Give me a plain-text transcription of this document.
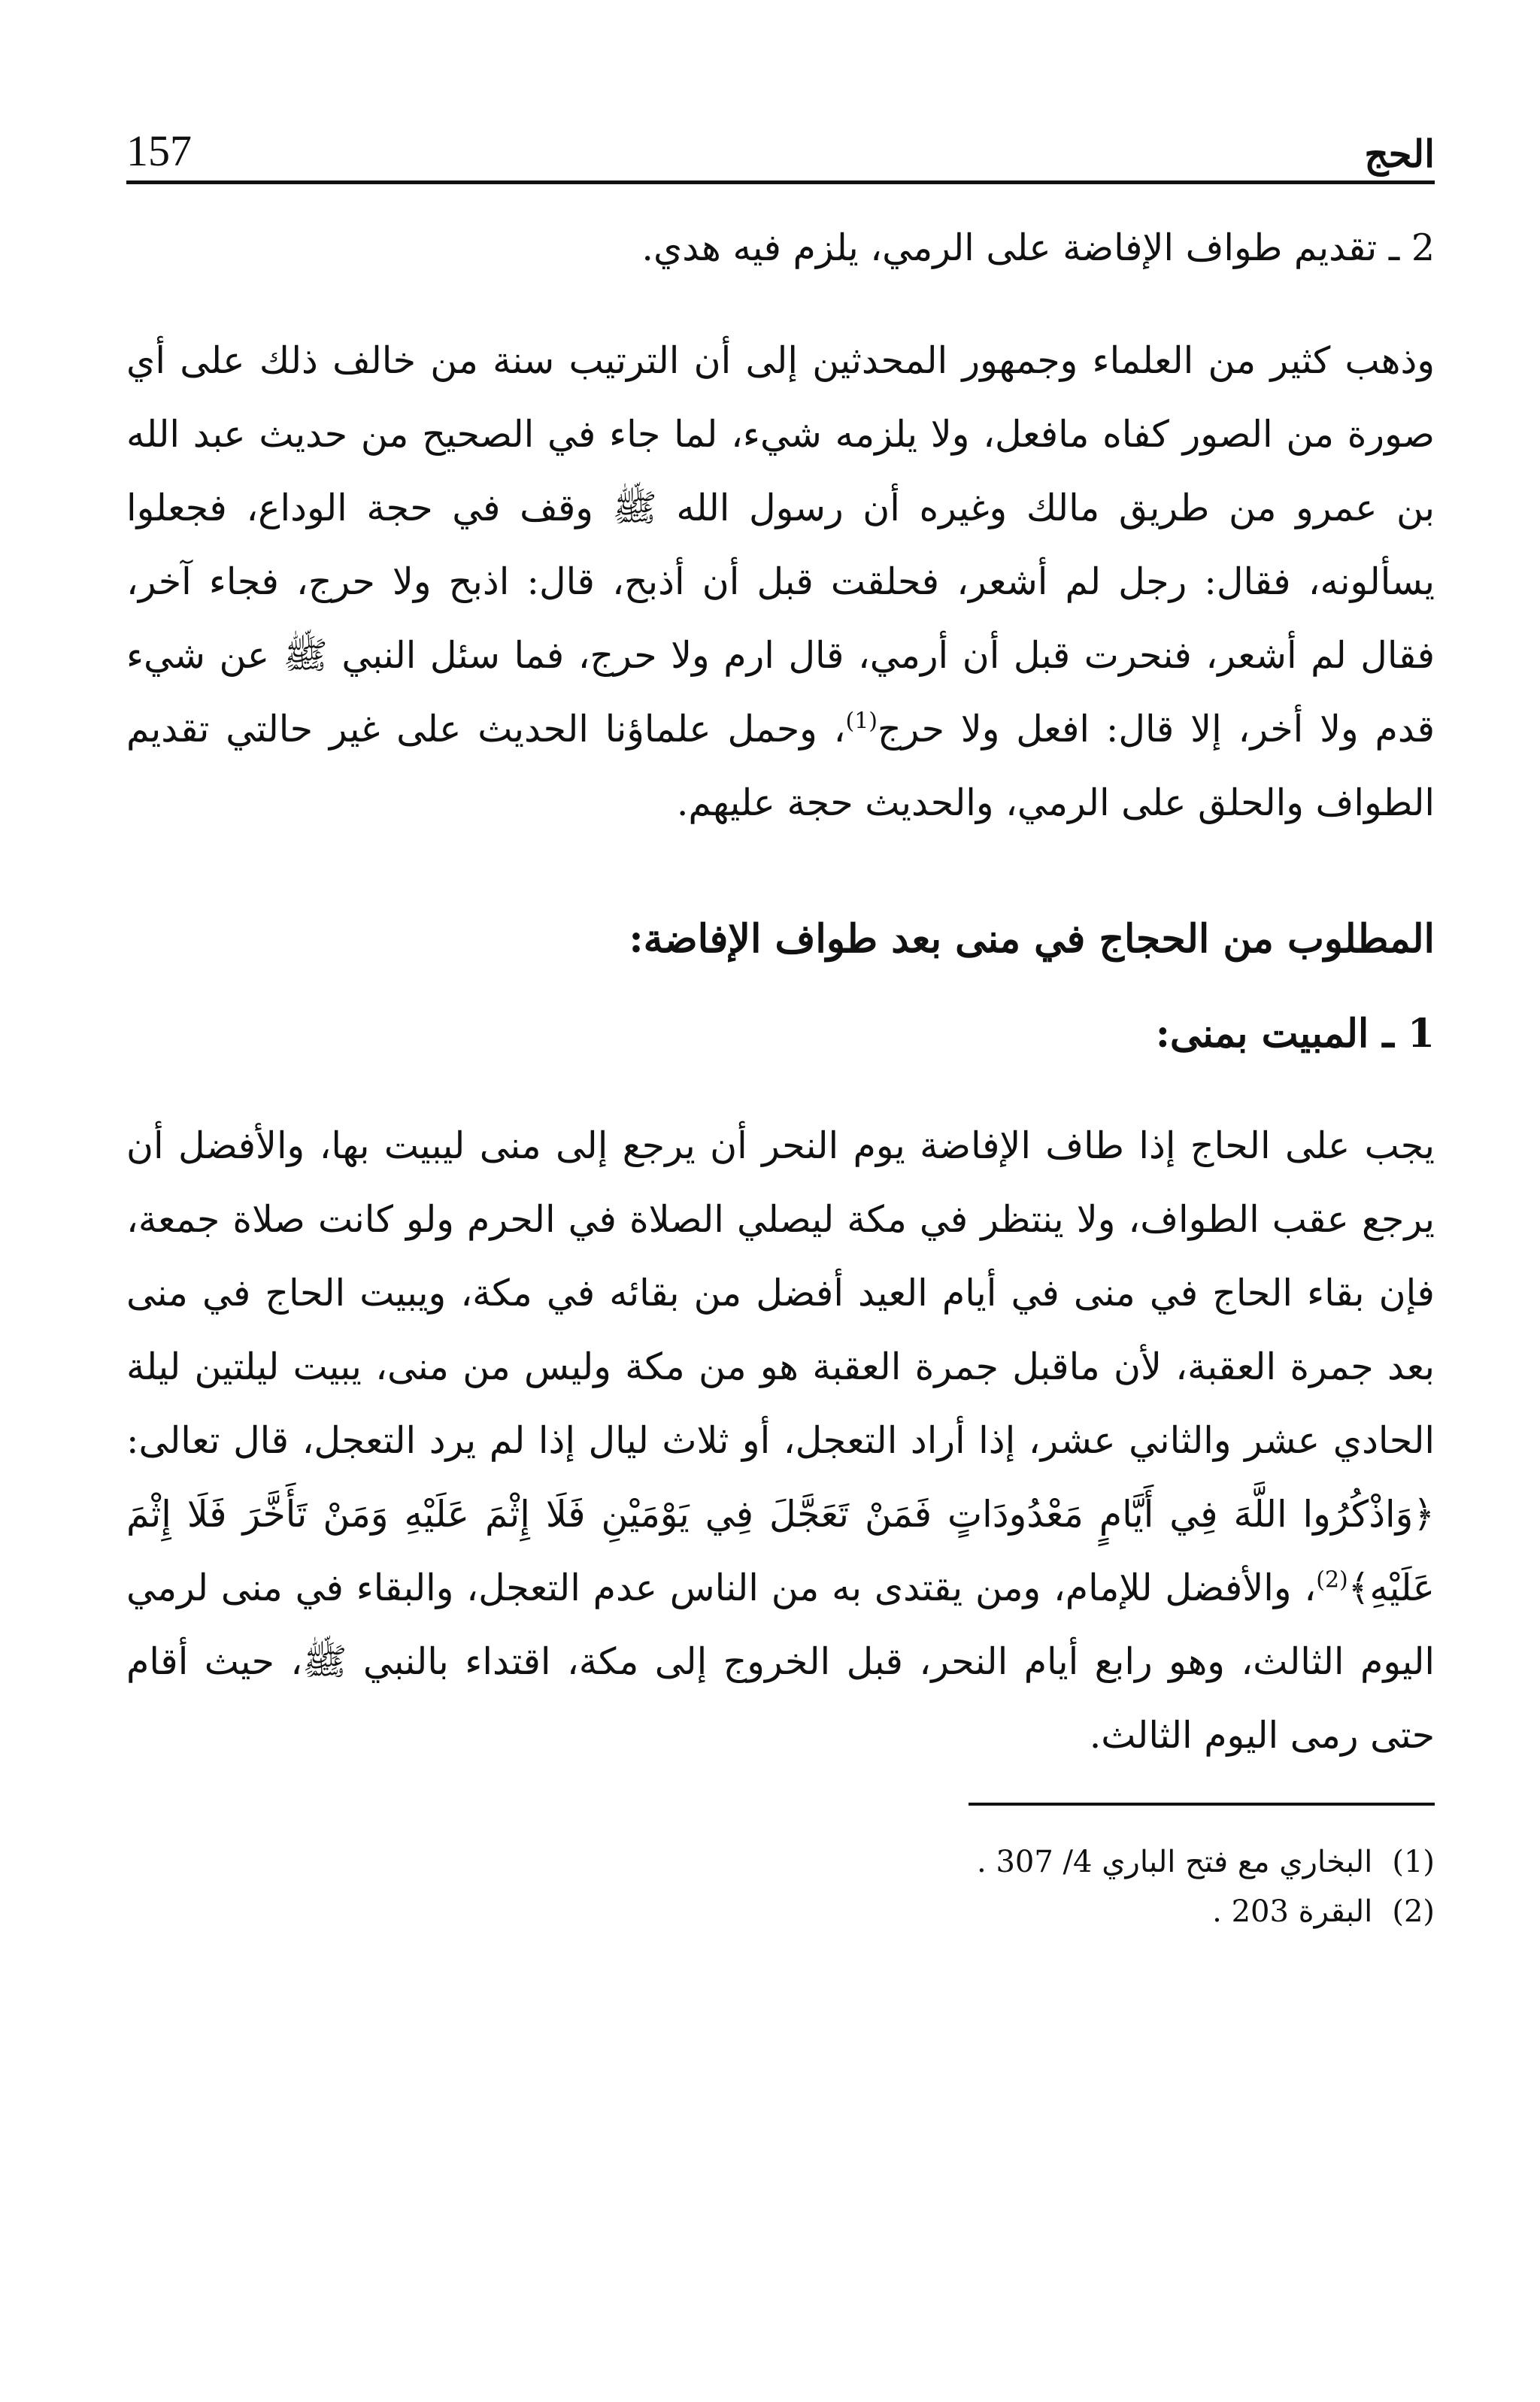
الحج
157

2 ـ تقديم طواف الإفاضة على الرمي، يلزم فيه هدي.

وذهب كثير من العلماء وجمهور المحدثين إلى أن الترتيب سنة من خالف ذلك على أي صورة من الصور كفاه مافعل، ولا يلزمه شيء، لما جاء في الصحيح من حديث عبد الله بن عمرو من طريق مالك وغيره أن رسول الله ﷺ وقف في حجة الوداع، فجعلوا يسألونه، فقال: رجل لم أشعر، فحلقت قبل أن أذبح، قال: اذبح ولا حرج، فجاء آخر، فقال لم أشعر، فنحرت قبل أن أرمي، قال ارم ولا حرج، فما سئل النبي ﷺ عن شيء قدم ولا أخر، إلا قال: افعل ولا حرج$^{(1)}$، وحمل علماؤنا الحديث على غير حالتي تقديم الطواف والحلق على الرمي، والحديث حجة عليهم.

المطلوب من الحجاج في منى بعد طواف الإفاضة:
1 ـ المبيت بمنى:

يجب على الحاج إذا طاف الإفاضة يوم النحر أن يرجع إلى منى ليبيت بها، والأفضل أن يرجع عقب الطواف، ولا ينتظر في مكة ليصلي الصلاة في الحرم ولو كانت صلاة جمعة، فإن بقاء الحاج في منى في أيام العيد أفضل من بقائه في مكة، ويبيت الحاج في منى بعد جمرة العقبة، لأن ماقبل جمرة العقبة هو من مكة وليس من منى، يبيت ليلتين ليلة الحادي عشر والثاني عشر، إذا أراد التعجل، أو ثلاث ليال إذا لم يرد التعجل، قال تعالى: ﴿وَاذْكُرُوا اللَّهَ فِي أَيَّامٍ مَعْدُودَاتٍ فَمَنْ تَعَجَّلَ فِي يَوْمَيْنِ فَلَا إِثْمَ عَلَيْهِ وَمَنْ تَأَخَّرَ فَلَا إِثْمَ عَلَيْهِ﴾$^{(2)}$، والأفضل للإمام، ومن يقتدى به من الناس عدم التعجل، والبقاء في منى لرمي اليوم الثالث، وهو رابع أيام النحر، قبل الخروج إلى مكة، اقتداء بالنبي ﷺ، حيث أقام حتى رمى اليوم الثالث.

(1) البخاري مع فتح الباري 4/ 307 .
(2) البقرة 203 .
